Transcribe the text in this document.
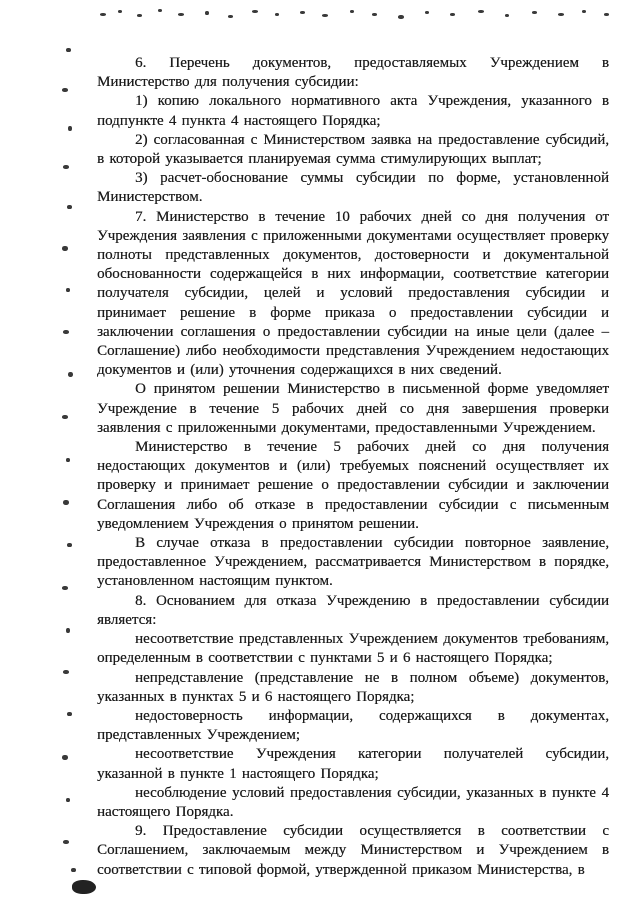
6. Перечень документов, предоставляемых Учреждением в Министерство для получения субсидии:

1) копию локального нормативного акта Учреждения, указанного в подпункте 4 пункта 4 настоящего Порядка;

2) согласованная с Министерством заявка на предоставление субсидий, в которой указывается планируемая сумма стимулирующих выплат;

3) расчет-обоснование суммы субсидии по форме, установленной Министерством.

7. Министерство в течение 10 рабочих дней со дня получения от Учреждения заявления с приложенными документами осуществляет проверку полноты представленных документов, достоверности и документальной обоснованности содержащейся в них информации, соответствие категории получателя субсидии, целей и условий предоставления субсидии и принимает решение в форме приказа о предоставлении субсидии и заключении соглашения о предоставлении субсидии на иные цели (далее – Соглашение) либо необходимости представления Учреждением недостающих документов и (или) уточнения содержащихся в них сведений.

О принятом решении Министерство в письменной форме уведомляет Учреждение в течение 5 рабочих дней со дня завершения проверки заявления с приложенными документами, предоставленными Учреждением.

Министерство в течение 5 рабочих дней со дня получения недостающих документов и (или) требуемых пояснений осуществляет их проверку и принимает решение о предоставлении субсидии и заключении Соглашения либо об отказе в предоставлении субсидии с письменным уведомлением Учреждения о принятом решении.

В случае отказа в предоставлении субсидии повторное заявление, предоставленное Учреждением, рассматривается Министерством в порядке, установленном настоящим пунктом.

8. Основанием для отказа Учреждению в предоставлении субсидии является:

несоответствие представленных Учреждением документов требованиям, определенным в соответствии с пунктами 5 и 6 настоящего Порядка;

непредставление (представление не в полном объеме) документов, указанных в пунктах 5 и 6 настоящего Порядка;

недостоверность информации, содержащихся в документах, представленных Учреждением;

несоответствие Учреждения категории получателей субсидии, указанной в пункте 1 настоящего Порядка;

несоблюдение условий предоставления субсидии, указанных в пункте 4 настоящего Порядка.

9. Предоставление субсидии осуществляется в соответствии с Соглашением, заключаемым между Министерством и Учреждением в соответствии с типовой формой, утвержденной приказом Министерства, в
